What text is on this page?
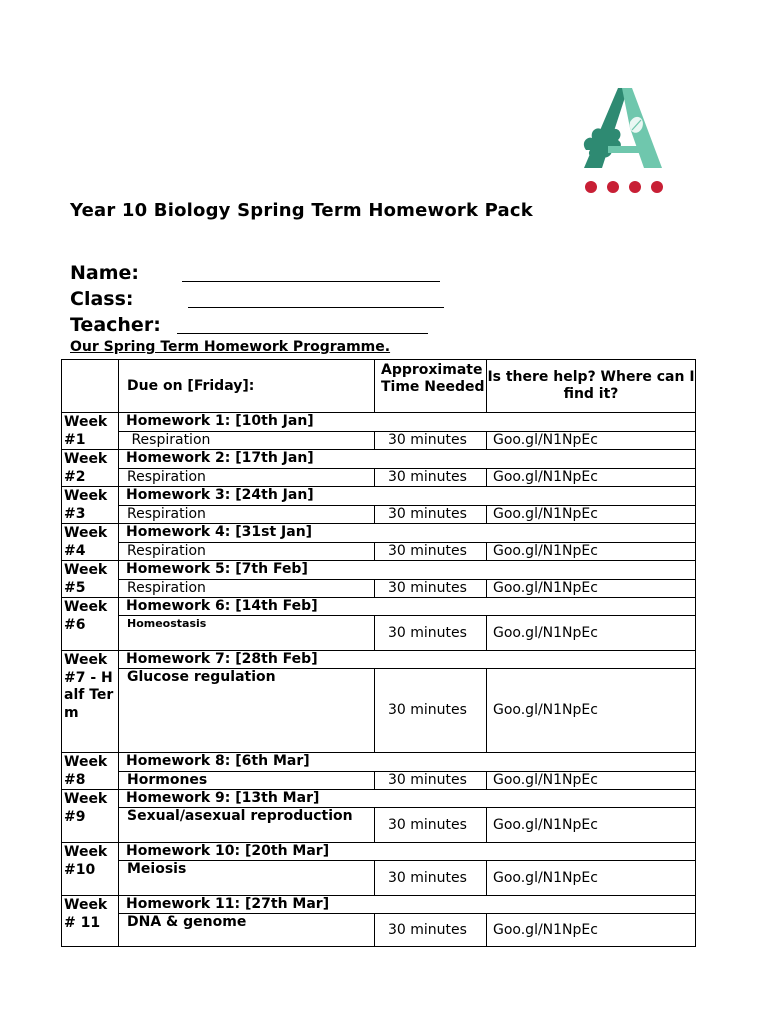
Year 10 Biology Spring Term Homework Pack
Name:
Class:
Teacher:

Our Spring Term Homework Programme.

	Due on [Friday]:	Approximate Time Needed	Is there help? Where can I find it?
Week #1	Homework 1: [10th Jan]		
	Respiration	30 minutes	Goo.gl/N1NpEc
Week #2	Homework 2: [17th Jan]		
	Respiration	30 minutes	Goo.gl/N1NpEc
Week #3	Homework 3: [24th Jan]		
	Respiration	30 minutes	Goo.gl/N1NpEc
Week #4	Homework 4: [31st Jan]		
	Respiration	30 minutes	Goo.gl/N1NpEc
Week #5	Homework 5: [7th Feb]		
	Respiration	30 minutes	Goo.gl/N1NpEc
Week #6	Homework 6: [14th Feb]		
	Homeostasis	30 minutes	Goo.gl/N1NpEc
Week #7 - Half Term	Homework 7: [28th Feb]		
	Glucose regulation	30 minutes	Goo.gl/N1NpEc
Week #8	Homework 8: [6th Mar]		
	Hormones	30 minutes	Goo.gl/N1NpEc
Week #9	Homework 9: [13th Mar]		
	Sexual/asexual reproduction	30 minutes	Goo.gl/N1NpEc
Week #10	Homework 10: [20th Mar]		
	Meiosis	30 minutes	Goo.gl/N1NpEc
Week # 11	Homework 11: [27th Mar]		
	DNA & genome	30 minutes	Goo.gl/N1NpEc
